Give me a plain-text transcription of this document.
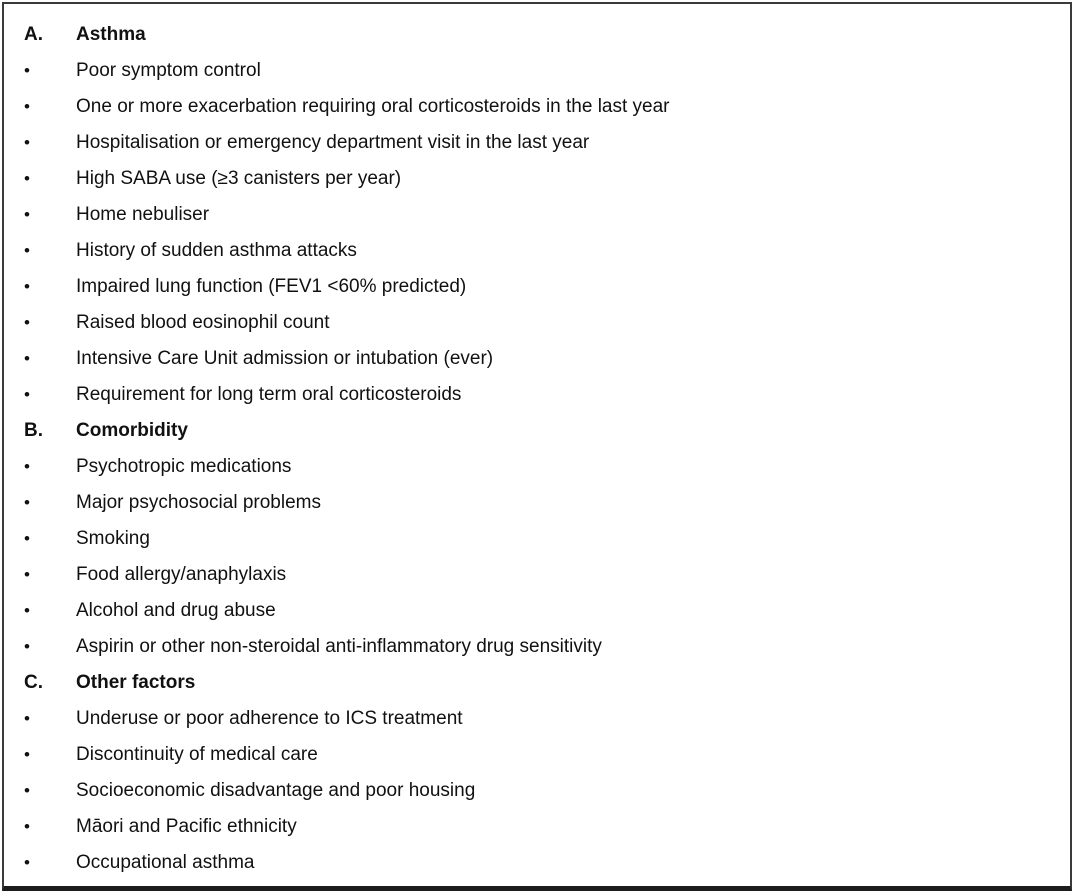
A.	Asthma
•	Poor symptom control
•	One or more exacerbation requiring oral corticosteroids in the last year
•	Hospitalisation or emergency department visit in the last year
•	High SABA use (≥3 canisters per year)
•	Home nebuliser
•	History of sudden asthma attacks
•	Impaired lung function (FEV1 <60% predicted)
•	Raised blood eosinophil count
•	Intensive Care Unit admission or intubation (ever)
•	Requirement for long term oral corticosteroids
B.	Comorbidity
•	Psychotropic medications
•	Major psychosocial problems
•	Smoking
•	Food allergy/anaphylaxis
•	Alcohol and drug abuse
•	Aspirin or other non-steroidal anti-inflammatory drug sensitivity
C.	Other factors
•	Underuse or poor adherence to ICS treatment
•	Discontinuity of medical care
•	Socioeconomic disadvantage and poor housing
•	Māori and Pacific ethnicity
•	Occupational asthma
